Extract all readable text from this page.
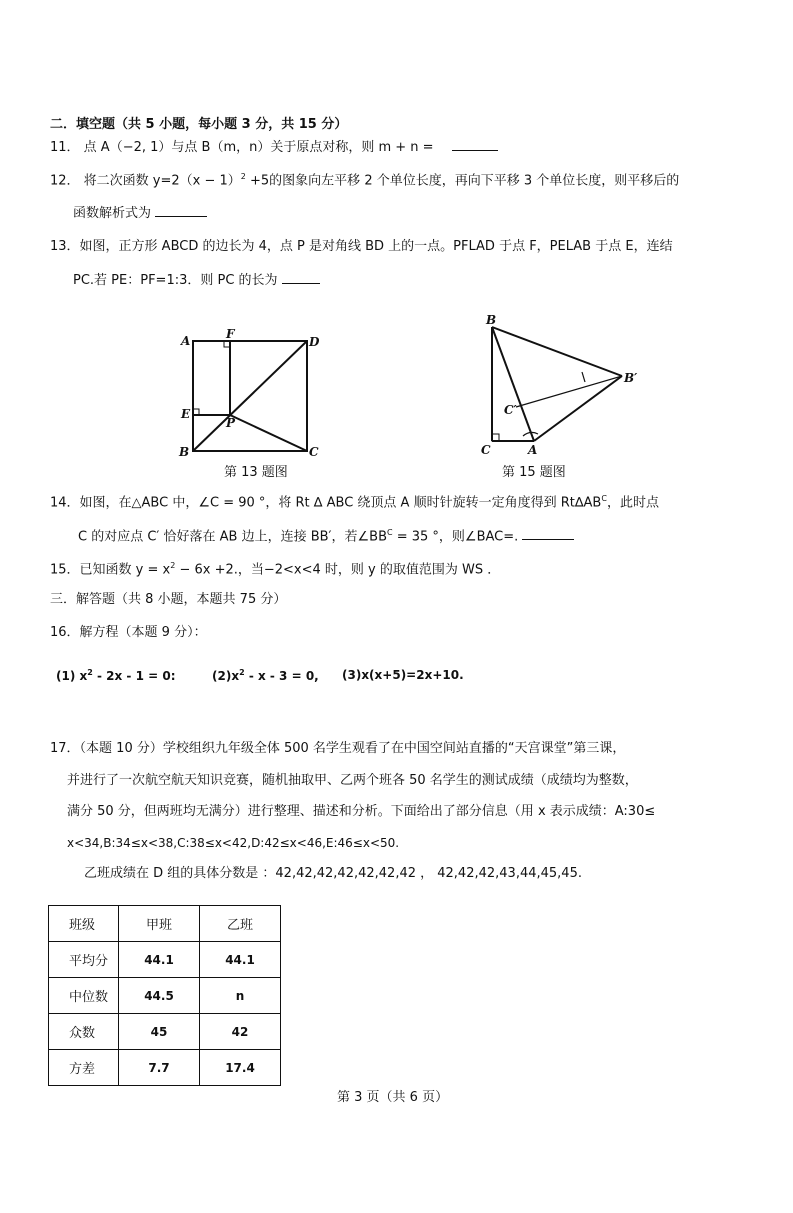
二．填空题（共 5 小题，每小题 3 分，共 15 分）
11． 点 A（−2, 1）与点 B（m，n）关于原点对称，则 m + n =
12． 将二次函数 $y=2(x - 1)^2 +5$的图象向左平移 2 个单位长度，再向下平移 3 个单位长度，则平移后的
函数解析式为
13．如图，正方形 ABCD 的边长为 4，点 P 是对角线 BD 上的一点。PFLAD 于点 F，PELAB 于点 E，连结
PC.若 PE：PF=1:3．则 PC 的长为
A	F
D
E
P
B	C
第 13 题图
B
B′
C′
C	A
第 15 题图
14．如图，在△ABC 中，∠C = 90 °，将 Rt ∆ ABC 绕顶点 A 顺时针旋转一定角度得到 $Rt\Delta AB^C$，此时点
C 的对应点 C′ 恰好落在 AB 边上，连接 BB′，若$\angle BB^C = 35$ °，则∠BAC=.
15．已知函数 $y = x^2 - 6x +2$.，当−2<x<4 时，则 y 的取值范围为 WS ．
三．解答题（共 8 小题，本题共 75 分）
16．解方程（本题 9 分）：
(1) $x^2 - 2x - 1 = 0$:	$(2)x^2 - x - 3 = 0$, (3)x(x+5)=2x+10.
17．（本题 10 分）学校组织九年级全体 500 名学生观看了在中国空间站直播的“天宫课堂”第三课，
并进行了一次航空航天知识竞赛，随机抽取甲、乙两个班各 50 名学生的测试成绩（成绩均为整数，
满分 50 分，但两班均无满分）进行整理、描述和分析。下面给出了部分信息（用 x 表示成绩：A:30≤
x<34,B:34≤x<38,C:38≤x<42,D:42≤x<46,E:46≤x<50.
乙班成绩在 D 组的具体分数是 ：42,42,42,42,42,42,42 ， 42,42,42,43,44,45,45.
班级	甲班	乙班
平均分	44.1	44.1
中位数	44.5	n
众数	45	42
方差	7.7	17.4
第 3 页（共 6 页）
